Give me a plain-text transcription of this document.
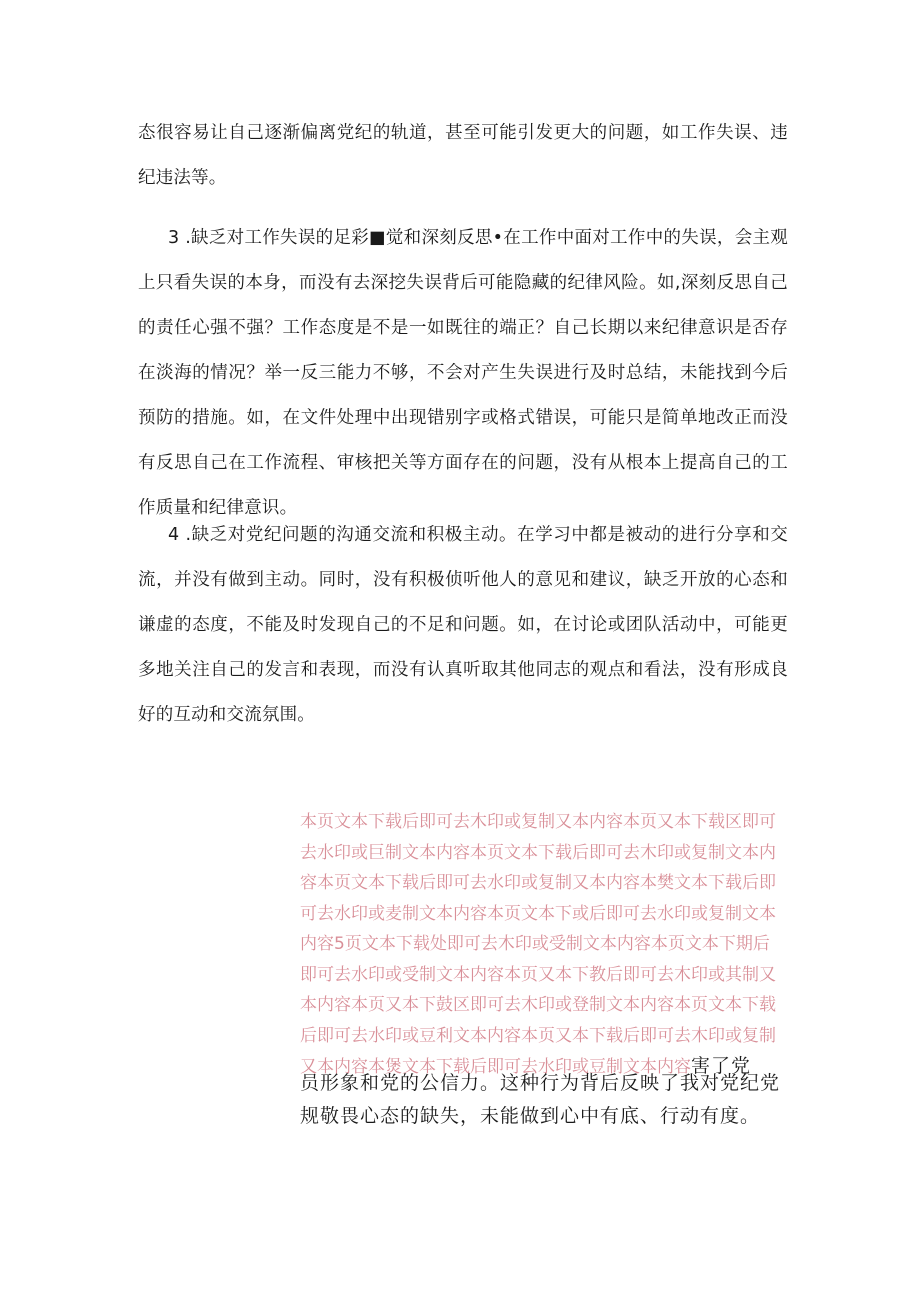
态很容易让自己逐渐偏离党纪的轨道，甚至可能引发更大的问题，如工作失误、违纪违法等。

3 .缺乏对工作失误的足彩■觉和深刻反思•在工作中面对工作中的失误，会主观上只看失误的本身，而没有去深挖失误背后可能隐藏的纪律风险。如,深刻反思自己的责任心强不强？工作态度是不是一如既往的端正？自己长期以来纪律意识是否存在淡海的情况？举一反三能力不够，不会对产生失误进行及时总结，未能找到今后预防的措施。如，在文件处理中出现错别字或格式错误，可能只是简单地改正而没有反思自己在工作流程、审核把关等方面存在的问题，没有从根本上提高自己的工作质量和纪律意识。

4 .缺乏对党纪问题的沟通交流和积极主动。在学习中都是被动的进行分享和交流，并没有做到主动。同时，没有积极侦听他人的意见和建议，缺乏开放的心态和谦虚的态度，不能及时发现自己的不足和问题。如，在讨论或团队活动中，可能更多地关注自己的发言和表现，而没有认真听取其他同志的观点和看法，没有形成良好的互动和交流氛围。

本页文本下载后即可去木印或复制又本内容本页又本下载区即可去水印或巨制文本内容本页文本下载后即可去木印或复制文本内容本页文本下载后即可去水印或复制又本内容本樊文本下载后即可去水印或麦制文本内容本页文本下或后即可去水印或复制文本内容5页文本下载处即可去木印或受制文本内容本页文本下期后即可去水印或受制文本内容本页又本下教后即可去木印或其制又本内容本页又本下鼓区即可去木印或登制文本内容本页文本下载后即可去水印或豆利文本内容本页又本下载后即可去木印或复制又本内容本煲文本下载后即可去水印或豆制文本内容害了党

员形象和党的公信力。这种行为背后反映了我对党纪党规敬畏心态的缺失，未能做到心中有底、行动有度。
